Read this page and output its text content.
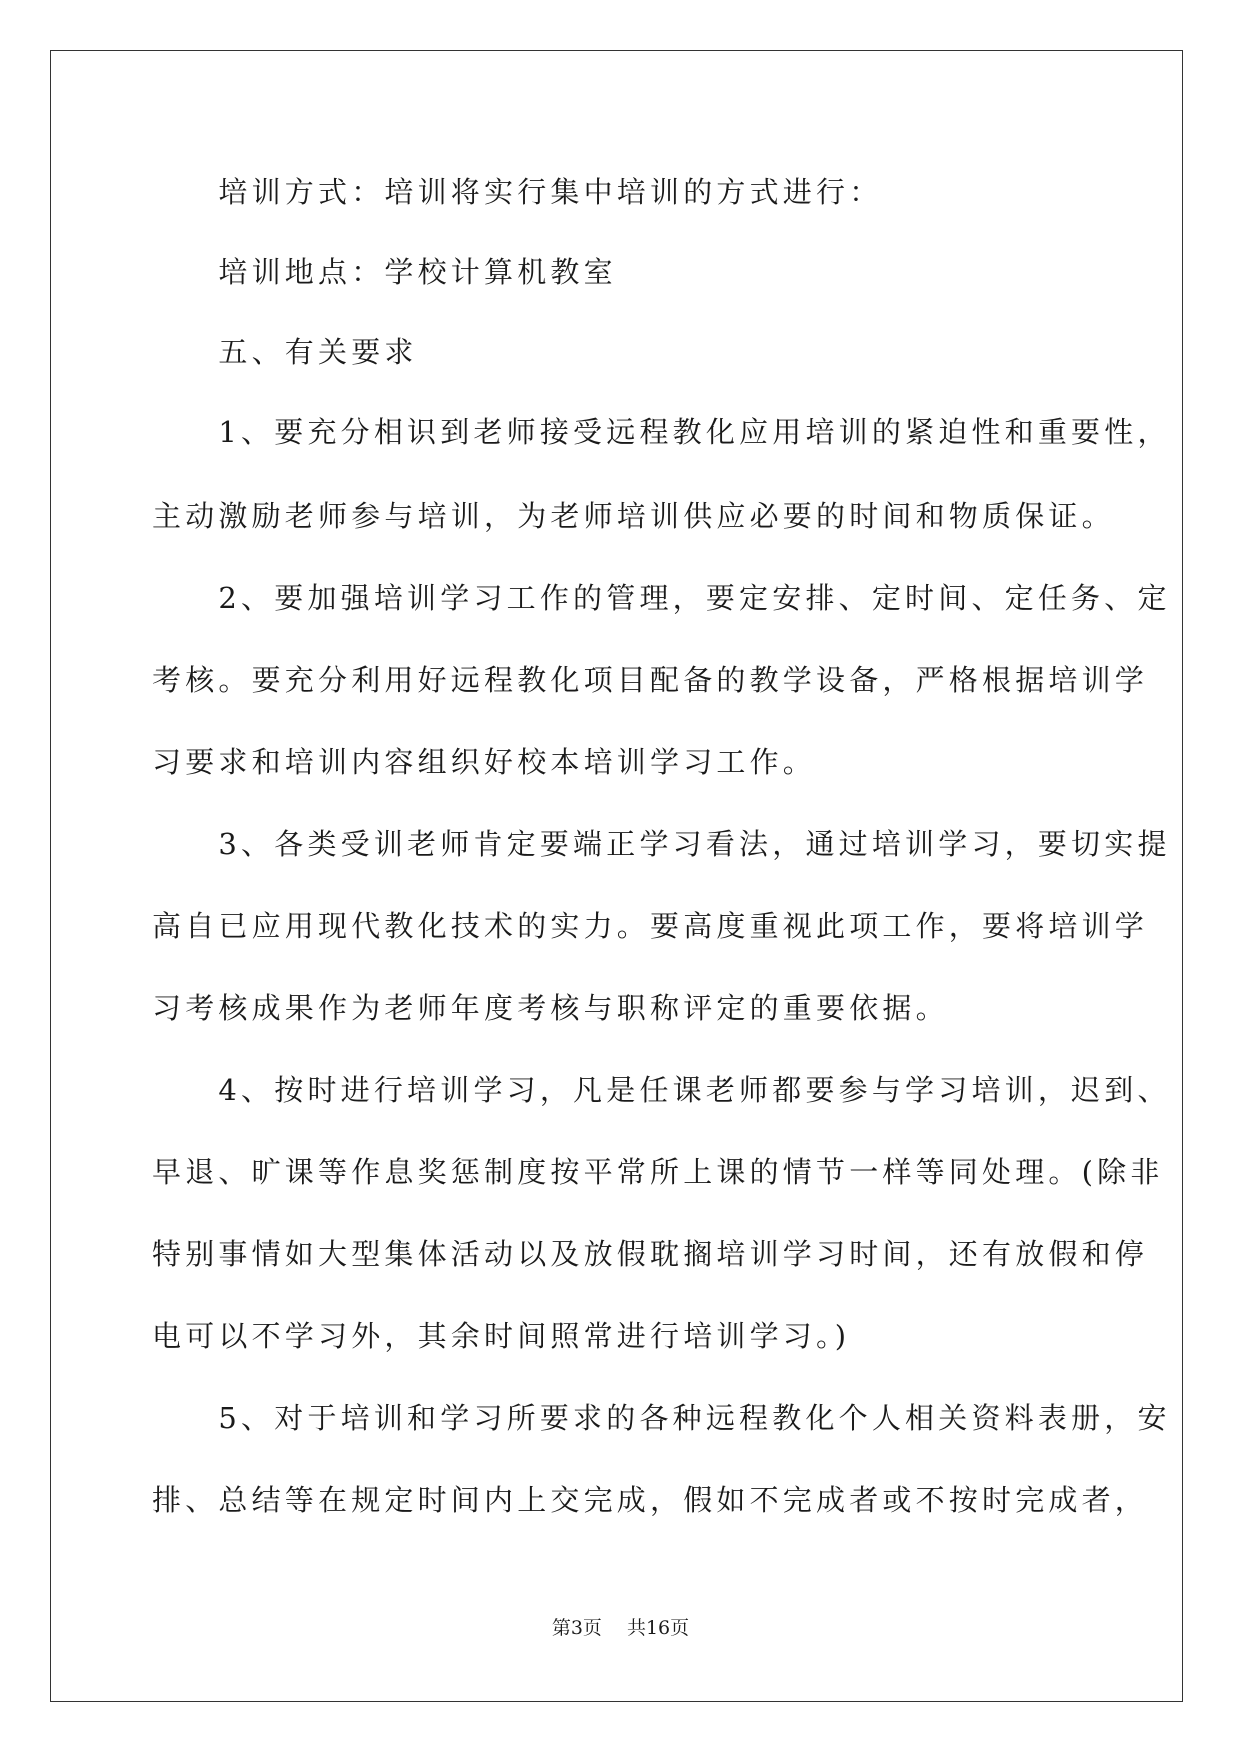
　　培训方式：培训将实行集中培训的方式进行：
　　培训地点：学校计算机教室
　　五、有关要求
　　1、要充分相识到老师接受远程教化应用培训的紧迫性和重要性，
主动激励老师参与培训，为老师培训供应必要的时间和物质保证。
　　2、要加强培训学习工作的管理，要定安排、定时间、定任务、定
考核。要充分利用好远程教化项目配备的教学设备，严格根据培训学
习要求和培训内容组织好校本培训学习工作。
　　3、各类受训老师肯定要端正学习看法，通过培训学习，要切实提
高自已应用现代教化技术的实力。要高度重视此项工作，要将培训学
习考核成果作为老师年度考核与职称评定的重要依据。
　　4、按时进行培训学习，凡是任课老师都要参与学习培训，迟到、
早退、旷课等作息奖惩制度按平常所上课的情节一样等同处理。(除非
特别事情如大型集体活动以及放假耽搁培训学习时间，还有放假和停
电可以不学习外，其余时间照常进行培训学习。)
　　5、对于培训和学习所要求的各种远程教化个人相关资料表册，安
排、总结等在规定时间内上交完成，假如不完成者或不按时完成者，
第3页　 共16页
